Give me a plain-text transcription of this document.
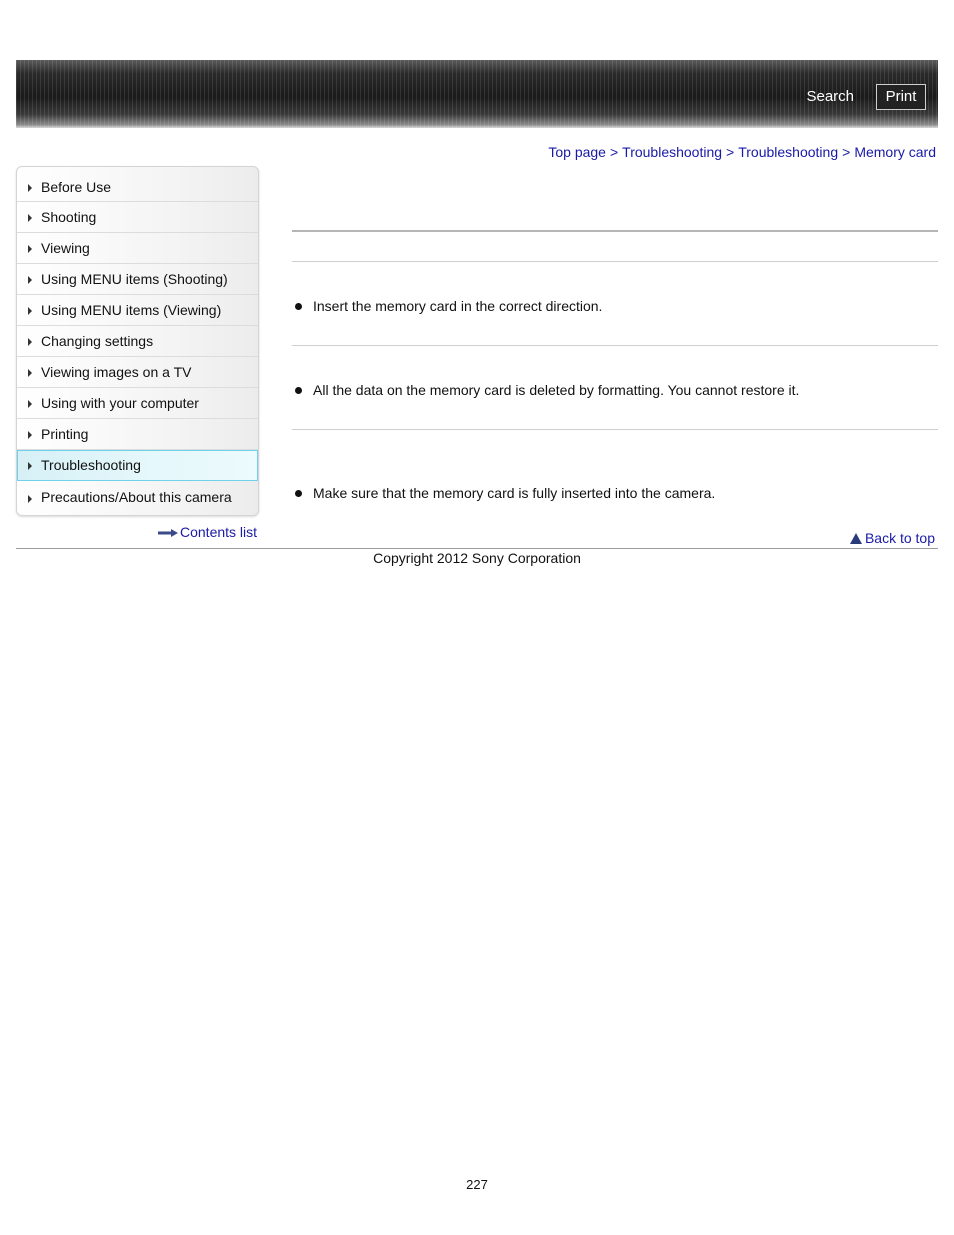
Search	Print
Top page > Troubleshooting > Troubleshooting > Memory card
Before Use
Shooting
Viewing
Using MENU items (Shooting)
Using MENU items (Viewing)
Changing settings
Viewing images on a TV
Using with your computer
Printing
Troubleshooting
Precautions/About this camera
Contents list
Insert the memory card in the correct direction.
All the data on the memory card is deleted by formatting. You cannot restore it.
Make sure that the memory card is fully inserted into the camera.
Back to top
Copyright 2012 Sony Corporation
227
